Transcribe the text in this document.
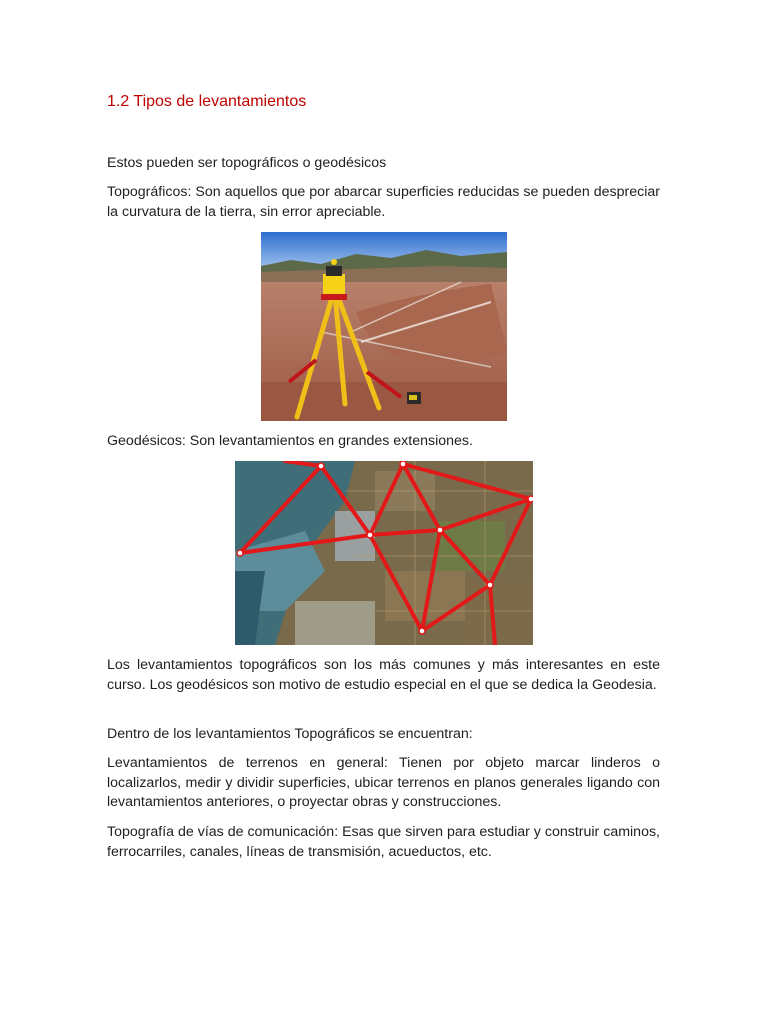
1.2 Tipos de levantamientos

Estos pueden ser topográficos o geodésicos

Topográficos: Son aquellos que por abarcar superficies reducidas se pueden despreciar la curvatura de la tierra, sin error apreciable.

Geodésicos: Son levantamientos en grandes extensiones.

Los levantamientos topográficos son los más comunes y más interesantes en este curso. Los geodésicos son motivo de estudio especial en el que se dedica la Geodesia.

Dentro de los levantamientos Topográficos se encuentran:

Levantamientos de terrenos en general: Tienen por objeto marcar linderos o localizarlos, medir y dividir superficies, ubicar terrenos en planos generales ligando con levantamientos anteriores, o proyectar obras y construcciones.

Topografía de vías de comunicación: Esas que sirven para estudiar y construir caminos, ferrocarriles, canales, líneas de transmisión, acueductos, etc.
